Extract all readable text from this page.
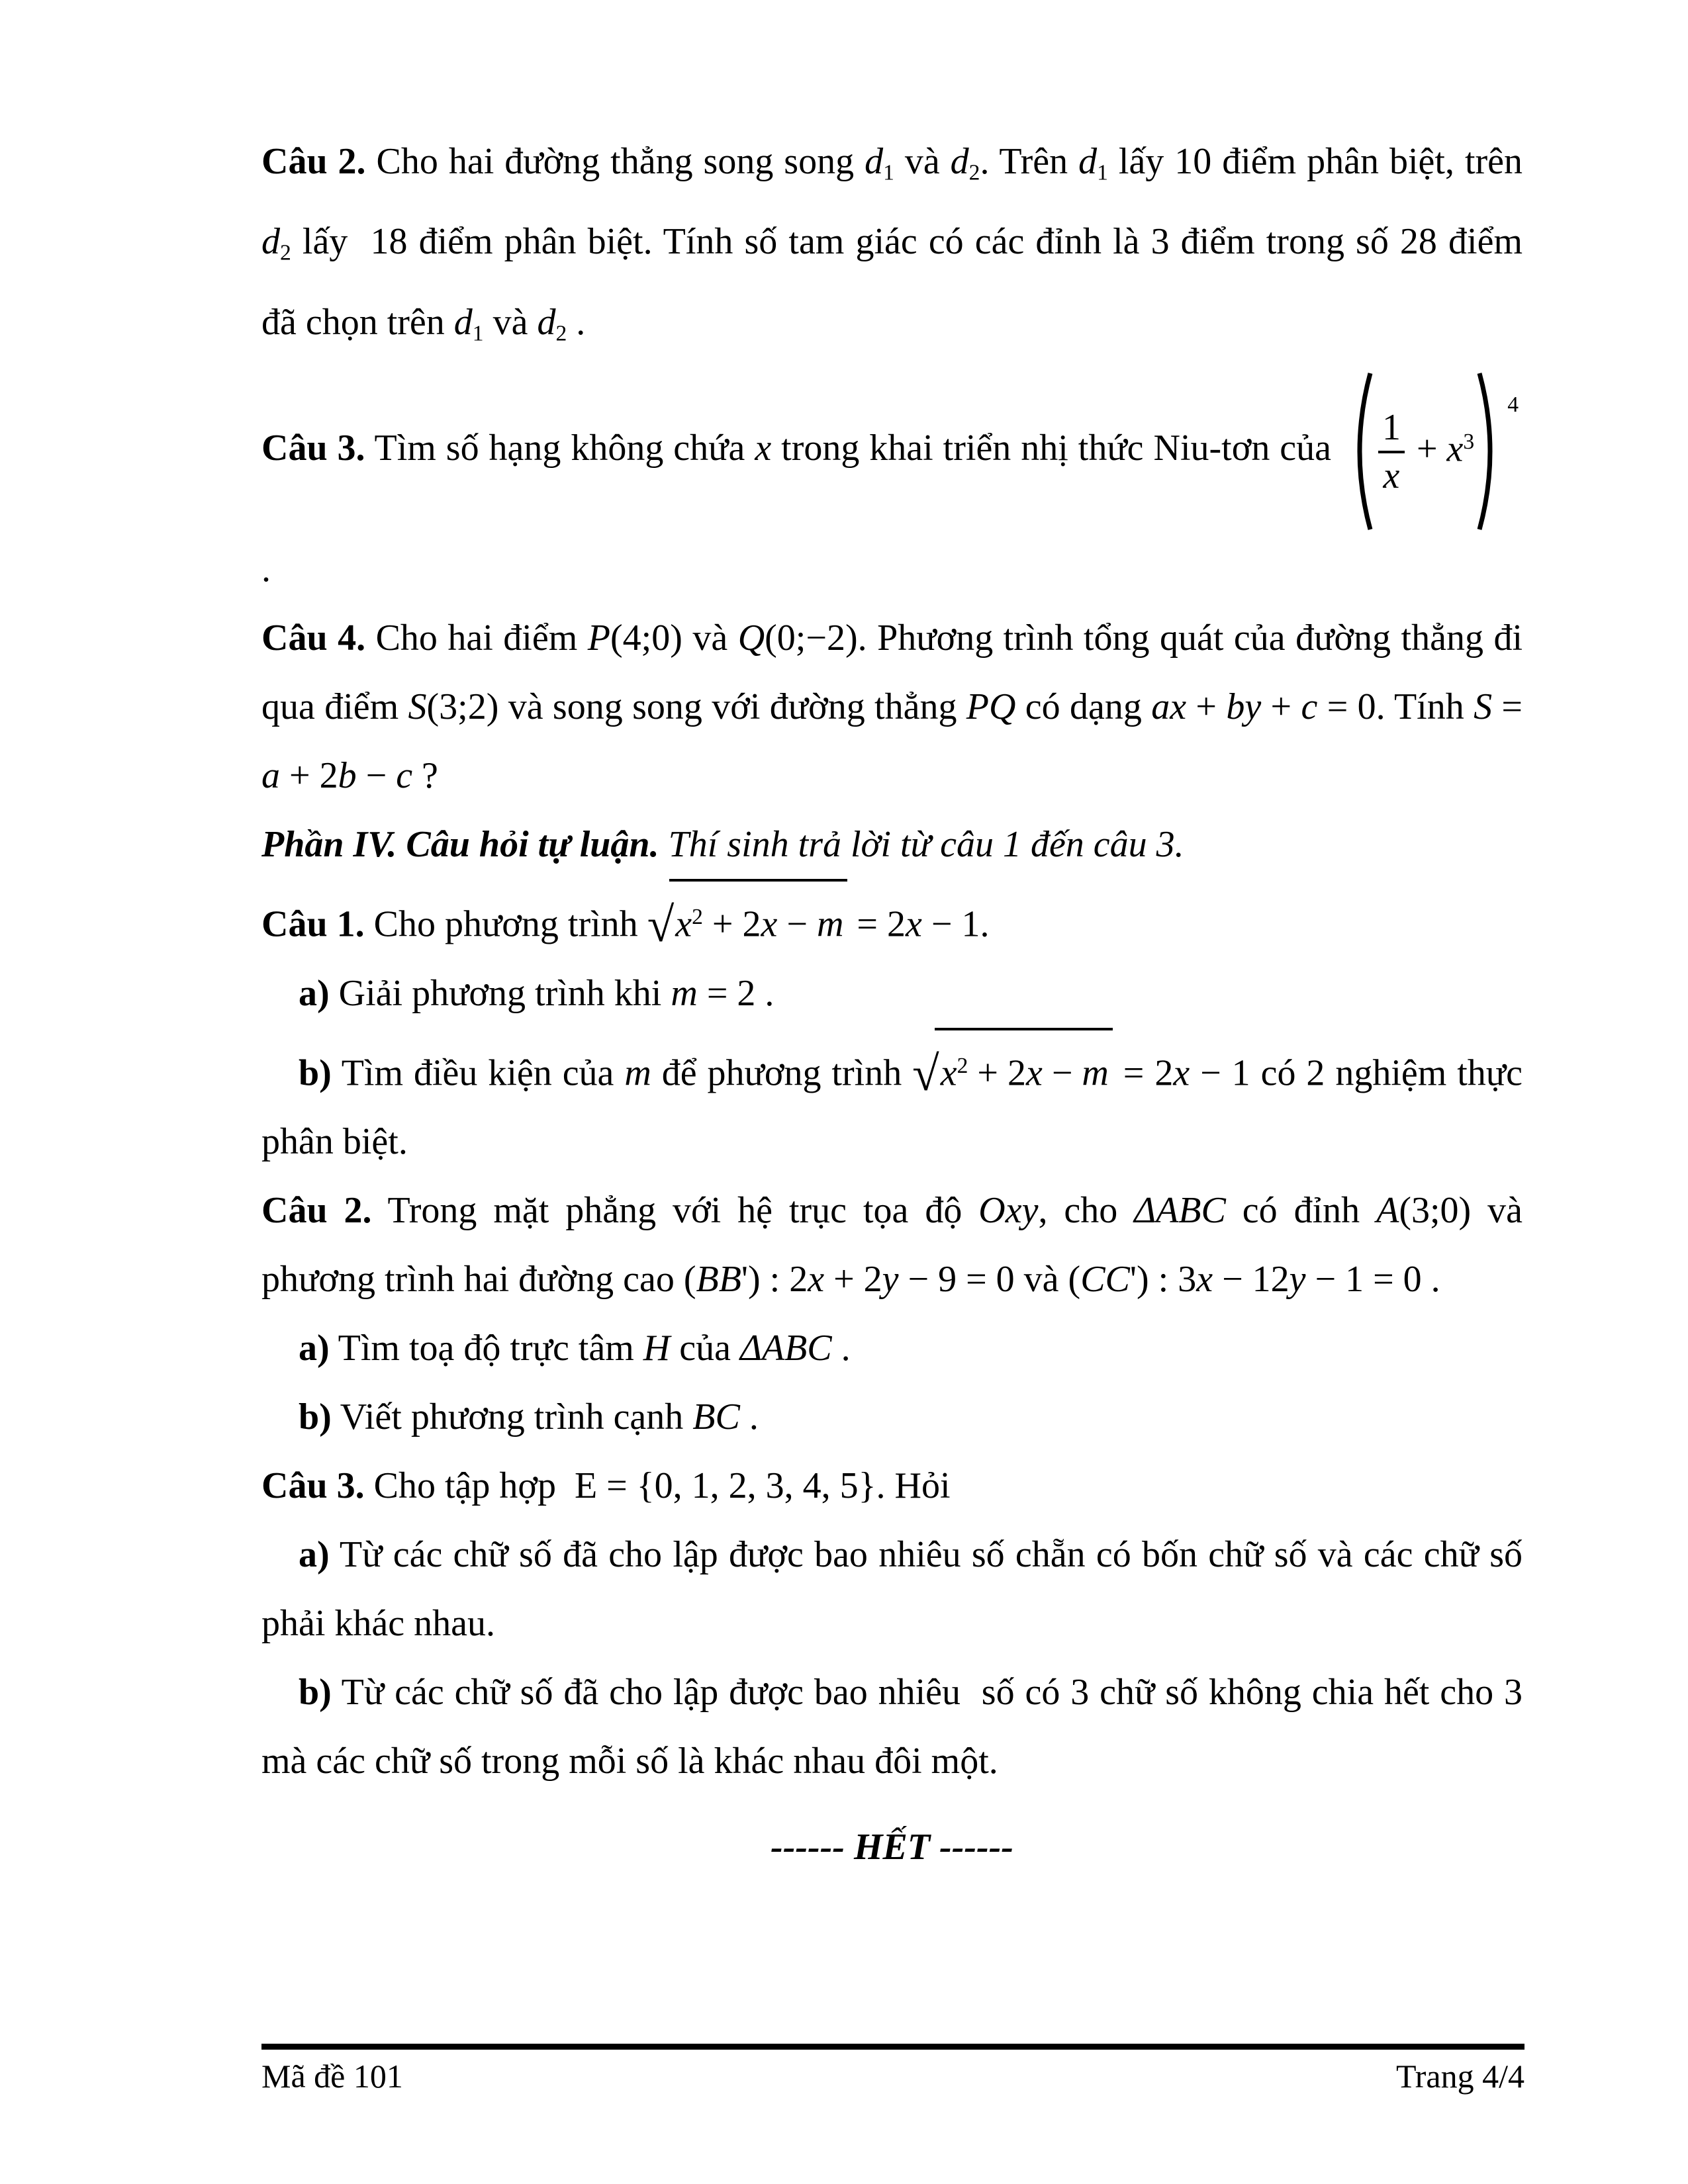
Câu 2. Cho hai đường thẳng song song d1 và d2. Trên d1 lấy 10 điểm phân biệt, trên d2 lấy  18 điểm phân biệt. Tính số tam giác có các đỉnh là 3 điểm trong số 28 điểm đã chọn trên d1 và d2 .

Câu 3. Tìm số hạng không chứa x trong khai triển nhị thức Niu-tơn của $\frac{1}{x} + x^3$
4
.

Câu 4. Cho hai điểm P(4;0) và Q(0;−2). Phương trình tổng quát của đường thẳng đi qua điểm S(3;2) và song song với đường thẳng PQ có dạng ax + by + c = 0. Tính S = a + 2b − c ?

Phần IV. Câu hỏi tự luận. Thí sinh trả lời từ câu 1 đến câu 3.

Câu 1. Cho phương trình $√x^2 + 2x - m = 2x - 1$.

a) Giải phương trình khi m = 2 .

b) Tìm điều kiện của m để phương trình $√x^2 + 2x - m = 2x - 1$ có 2 nghiệm thực phân biệt.

Câu 2. Trong mặt phẳng với hệ trục tọa độ Oxy, cho ΔABC có đỉnh A(3;0) và phương trình hai đường cao (BB') : 2x + 2y − 9 = 0 và (CC') : 3x − 12y − 1 = 0 .

a) Tìm toạ độ trực tâm H của ΔABC .

b) Viết phương trình cạnh BC .

Câu 3. Cho tập hợp  E = {0, 1, 2, 3, 4, 5}. Hỏi

a) Từ các chữ số đã cho lập được bao nhiêu số chẵn có bốn chữ số và các chữ số phải khác nhau.

b) Từ các chữ số đã cho lập được bao nhiêu  số có 3 chữ số không chia hết cho 3 mà các chữ số trong mỗi số là khác nhau đôi một.

------ HẾT ------

Mã đề 101	Trang 4/4
